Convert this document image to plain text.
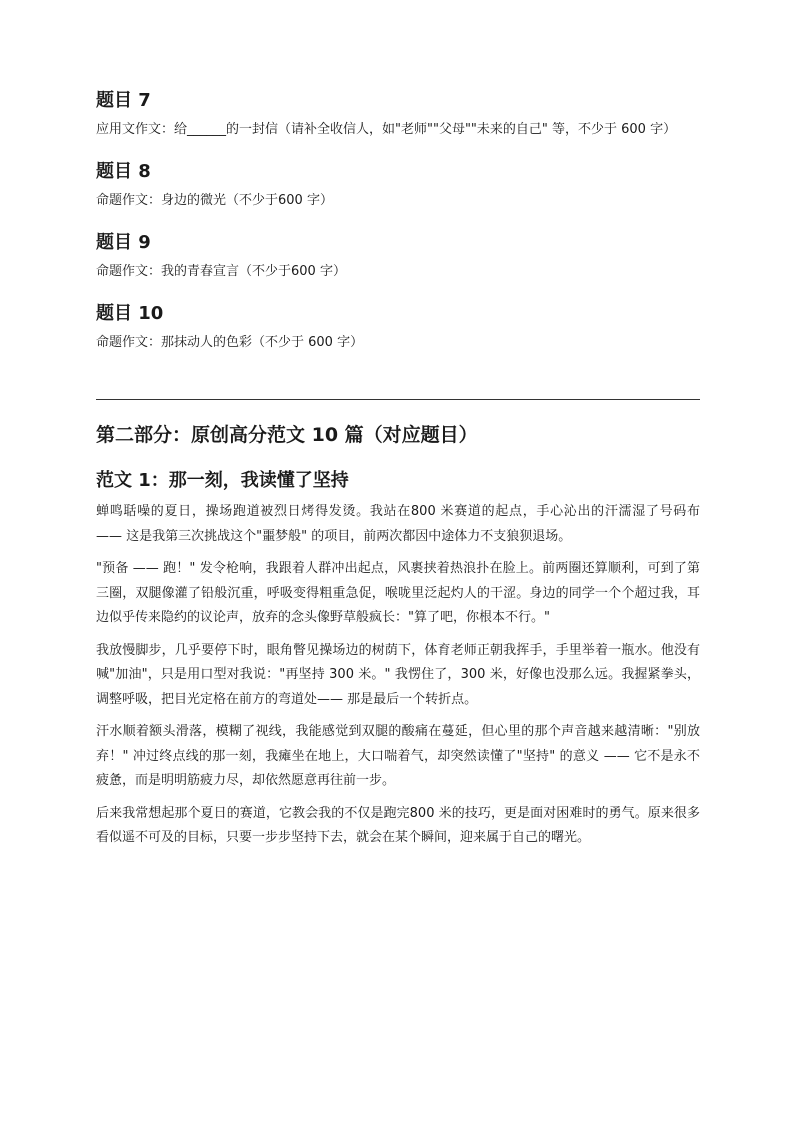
题目 7

应用文作文：给______的一封信（请补全收信人，如"老师""父母""未来的自己" 等，不少于 600 字）

题目 8

命题作文：身边的微光（不少于600 字）

题目 9

命题作文：我的青春宣言（不少于600 字）

题目 10

命题作文：那抹动人的色彩（不少于 600 字）

第二部分：原创高分范文 10 篇（对应题目）
范文 1：那一刻，我读懂了坚持

蝉鸣聒噪的夏日，操场跑道被烈日烤得发烫。我站在800 米赛道的起点，手心沁出的汗濡湿了号码布 —— 这是我第三次挑战这个"噩梦般" 的项目，前两次都因中途体力不支狼狈退场。

"预备 —— 跑！" 发令枪响，我跟着人群冲出起点，风裹挟着热浪扑在脸上。前两圈还算顺利，可到了第三圈，双腿像灌了铅般沉重，呼吸变得粗重急促，喉咙里泛起灼人的干涩。身边的同学一个个超过我，耳边似乎传来隐约的议论声，放弃的念头像野草般疯长："算了吧，你根本不行。"

我放慢脚步，几乎要停下时，眼角瞥见操场边的树荫下，体育老师正朝我挥手，手里举着一瓶水。他没有喊"加油"，只是用口型对我说："再坚持 300 米。" 我愣住了，300 米，好像也没那么远。我握紧拳头，调整呼吸，把目光定格在前方的弯道处—— 那是最后一个转折点。

汗水顺着额头滑落，模糊了视线，我能感觉到双腿的酸痛在蔓延，但心里的那个声音越来越清晰："别放弃！" 冲过终点线的那一刻，我瘫坐在地上，大口喘着气，却突然读懂了"坚持" 的意义 —— 它不是永不疲惫，而是明明筋疲力尽，却依然愿意再往前一步。

后来我常想起那个夏日的赛道，它教会我的不仅是跑完800 米的技巧，更是面对困难时的勇气。原来很多看似遥不可及的目标，只要一步步坚持下去，就会在某个瞬间，迎来属于自己的曙光。
